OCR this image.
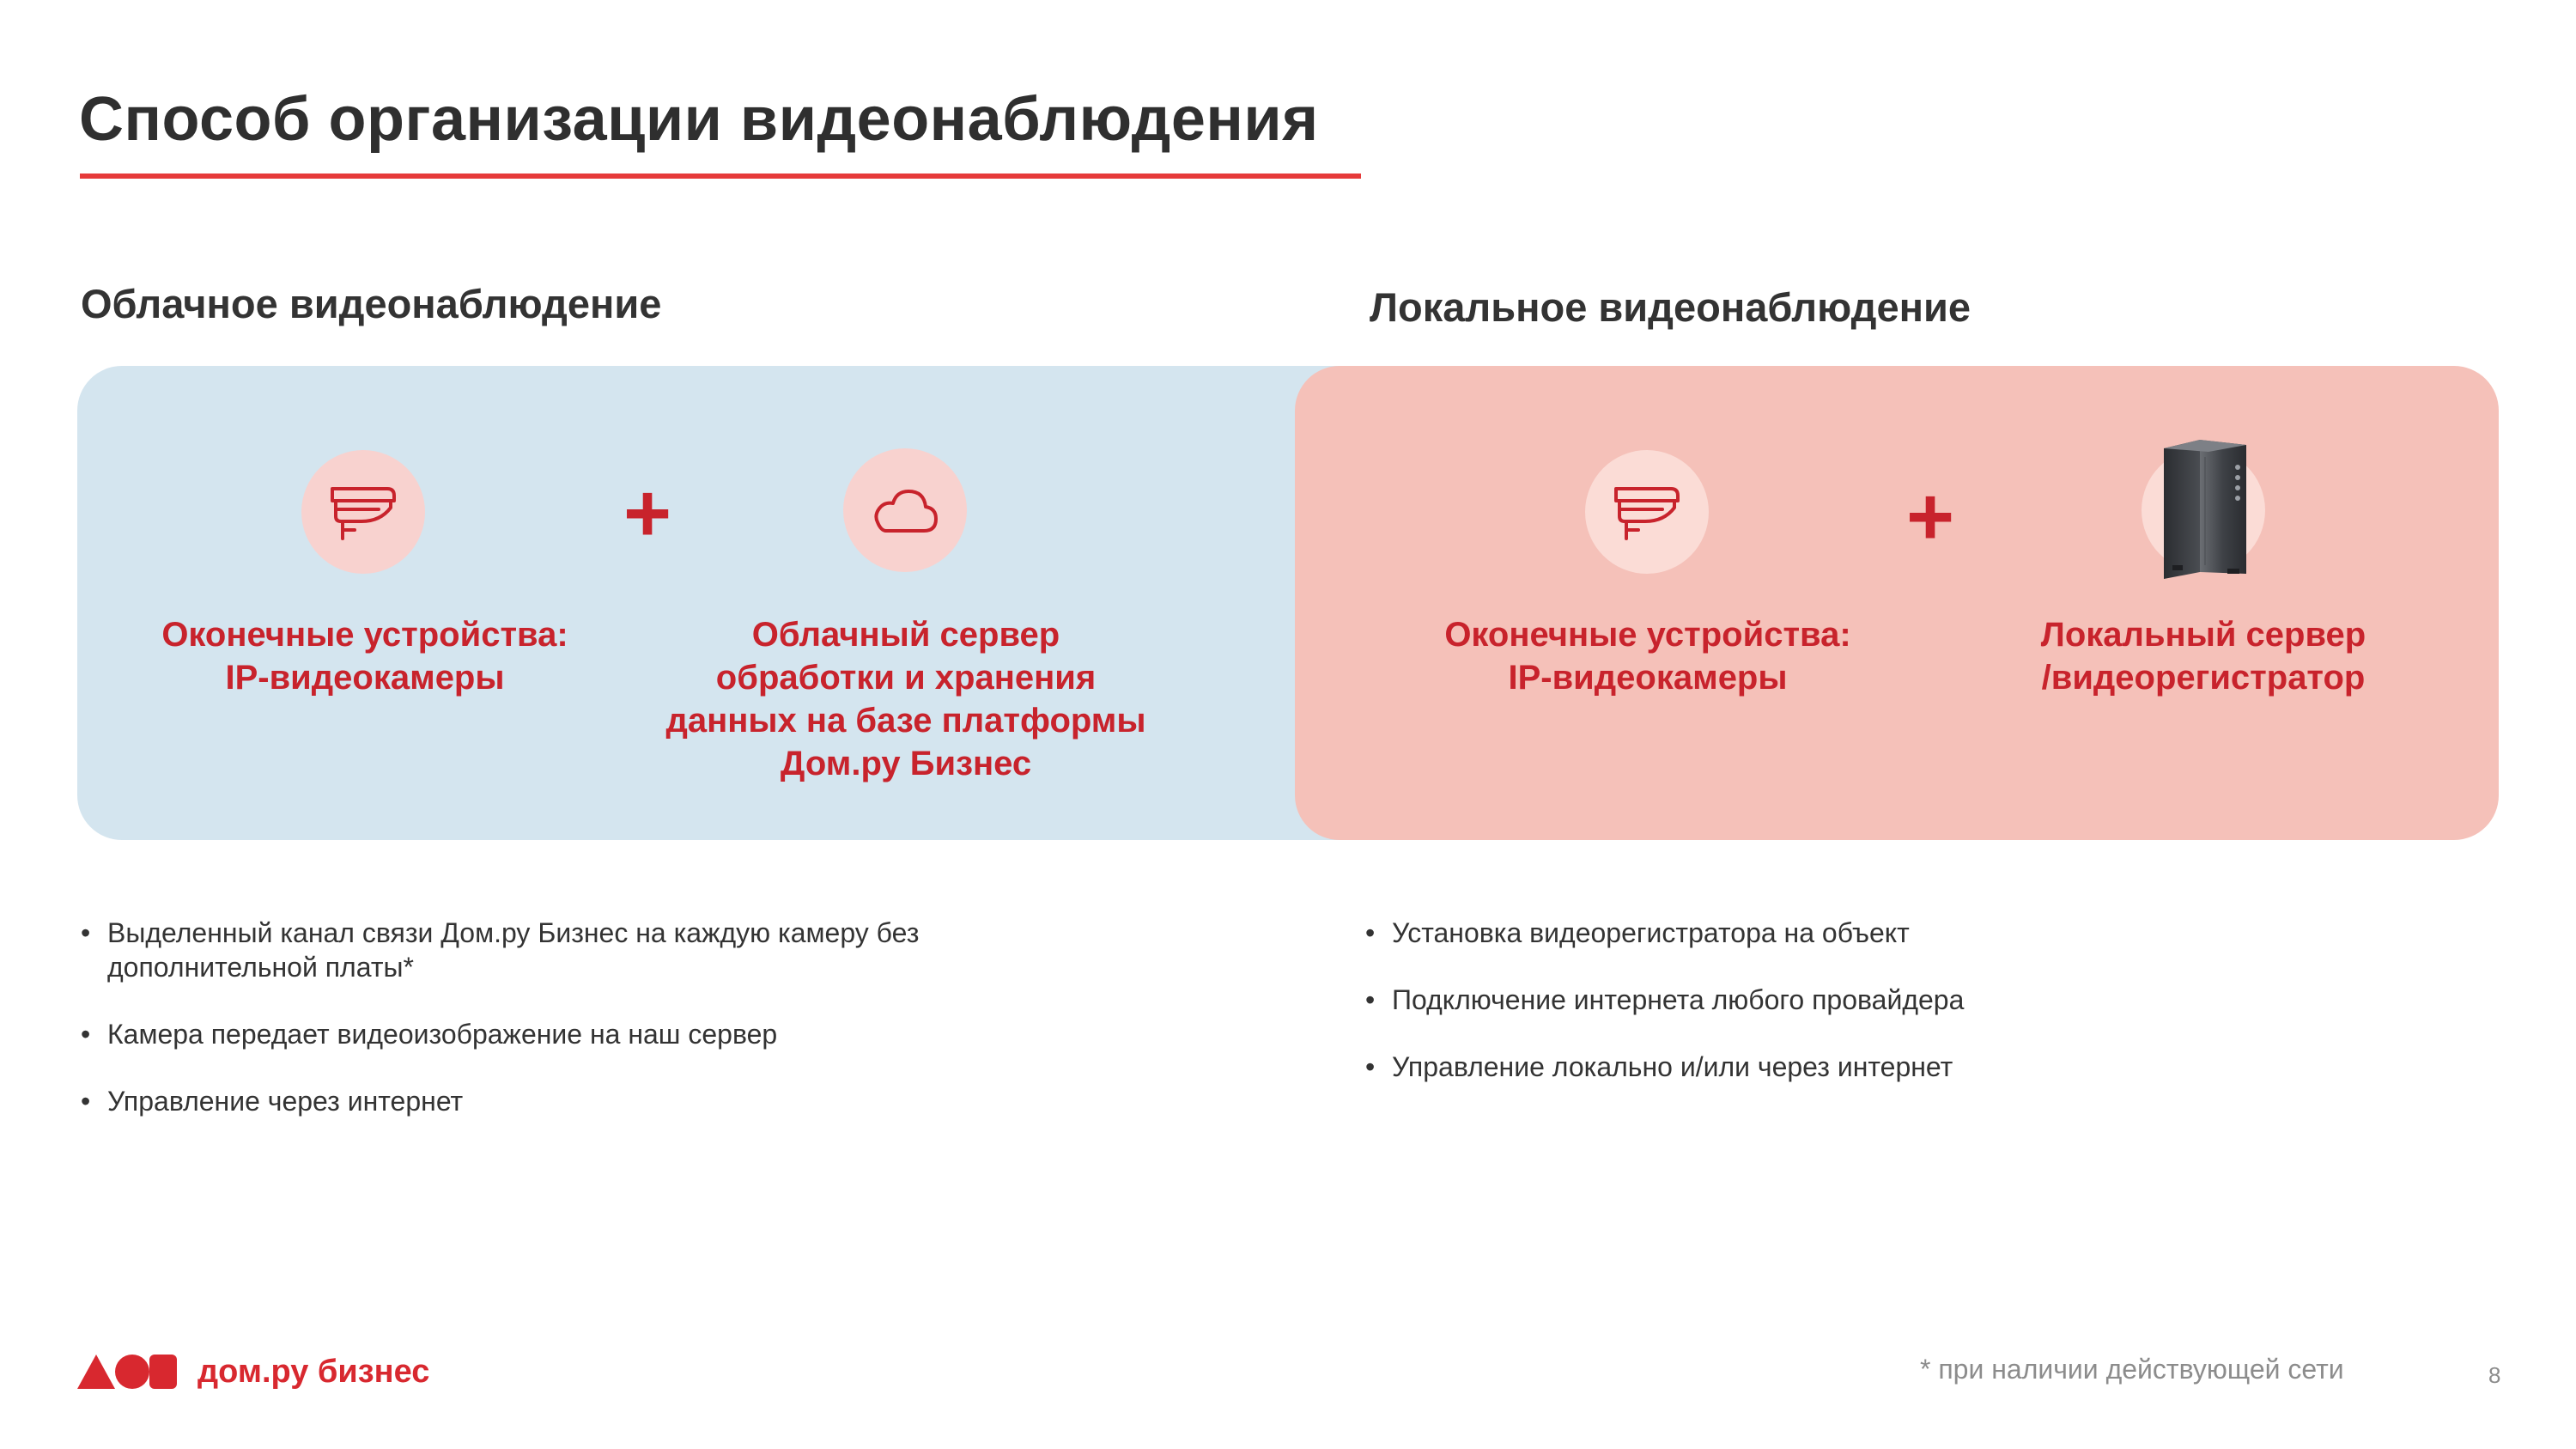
Способ организации видеонаблюдения
Облачное видеонаблюдение	Локальное видеонаблюдение
+
Оконечные устройства:
IP-видеокамеры
Облачный сервер
обработки и хранения
данных на базе платформы
Дом.ру Бизнес
+
Оконечные устройства:
IP-видеокамеры
Локальный сервер
/видеорегистратор
• Выделенный канал связи Дом.ру Бизнес на каждую камеру без
дополнительной платы*
• Камера передает видеоизображение на наш сервер
• Управление через интернет
• Установка видеорегистратора на объект
• Подключение интернета любого провайдера
• Управление локально и/или через интернет
дом.ру бизнес	* при наличии действующей сети	8
